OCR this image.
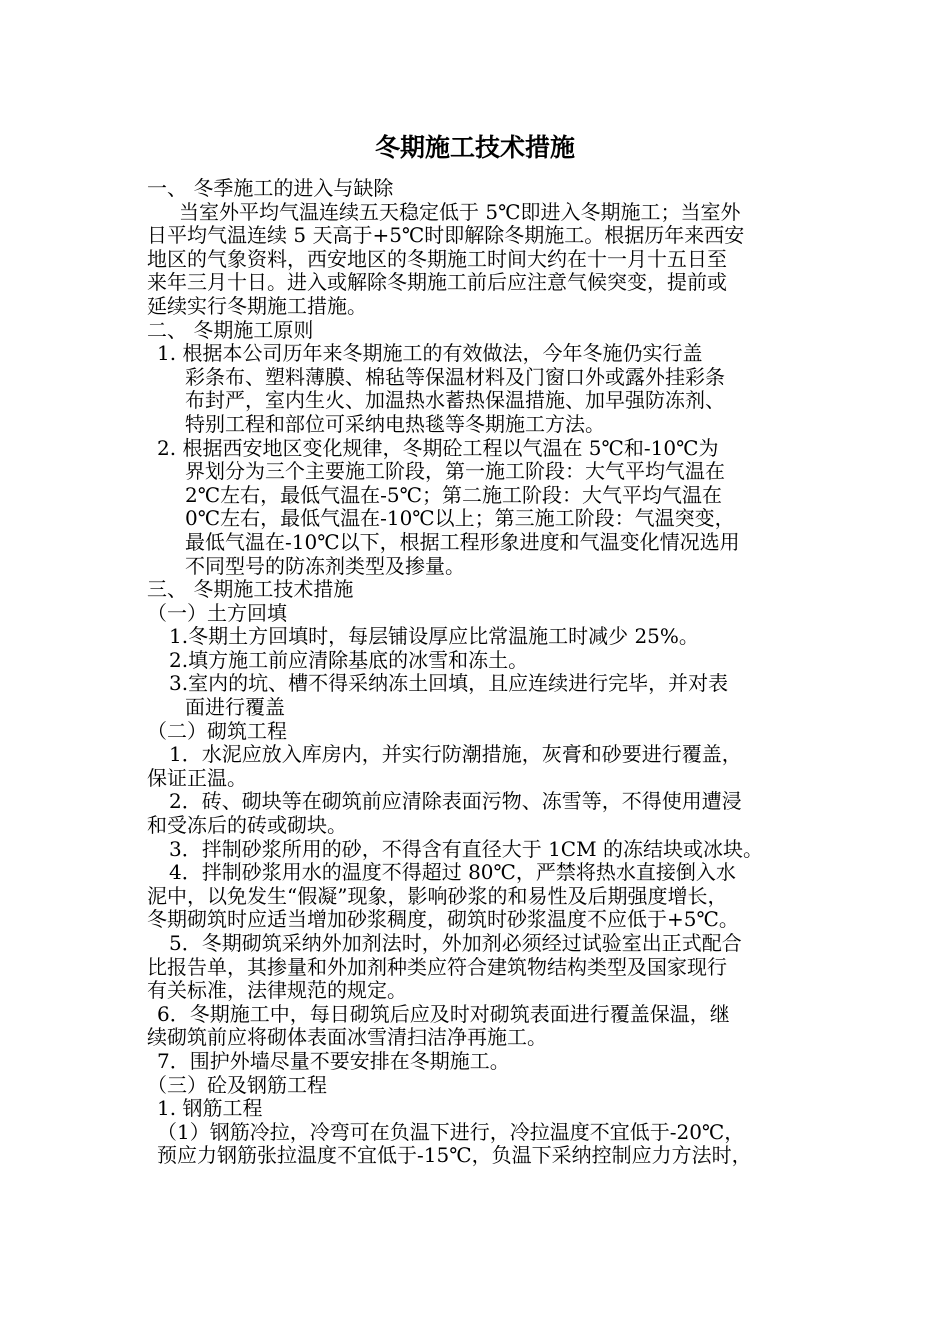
冬期施工技术措施
一、 冬季施工的进入与缺除
当室外平均气温连续五天稳定低于 5℃即进入冬期施工；当室外
日平均气温连续 5 天高于+5℃时即解除冬期施工。根据历年来西安
地区的气象资料，西安地区的冬期施工时间大约在十一月十五日至
来年三月十日。进入或解除冬期施工前后应注意气候突变，提前或
延续实行冬期施工措施。
二、 冬期施工原则
1. 根据本公司历年来冬期施工的有效做法，今年冬施仍实行盖
彩条布、塑料薄膜、棉毡等保温材料及门窗口外或露外挂彩条
布封严，室内生火、加温热水蓄热保温措施、加早强防冻剂、
特别工程和部位可采纳电热毯等冬期施工方法。
2. 根据西安地区变化规律，冬期砼工程以气温在 5℃和-10℃为
界划分为三个主要施工阶段，第一施工阶段：大气平均气温在
2℃左右，最低气温在-5℃；第二施工阶段：大气平均气温在
0℃左右，最低气温在-10℃以上；第三施工阶段：气温突变，
最低气温在-10℃以下，根据工程形象进度和气温变化情况选用
不同型号的防冻剂类型及掺量。
三、 冬期施工技术措施
（一）土方回填
1.冬期土方回填时，每层铺设厚应比常温施工时减少 25%。
2.填方施工前应清除基底的冰雪和冻土。
3.室内的坑、槽不得采纳冻土回填，且应连续进行完毕，并对表
面进行覆盖
（二）砌筑工程
1．水泥应放入库房内，并实行防潮措施，灰膏和砂要进行覆盖，
保证正温。
2．砖、砌块等在砌筑前应清除表面污物、冻雪等，不得使用遭浸
和受冻后的砖或砌块。
3．拌制砂浆所用的砂，不得含有直径大于 1CM 的冻结块或冰块。
4．拌制砂浆用水的温度不得超过 80℃，严禁将热水直接倒入水
泥中，以免发生“假凝”现象，影响砂浆的和易性及后期强度增长，
冬期砌筑时应适当增加砂浆稠度，砌筑时砂浆温度不应低于+5℃。
5．冬期砌筑采纳外加剂法时，外加剂必须经过试验室出正式配合
比报告单，其掺量和外加剂种类应符合建筑物结构类型及国家现行
有关标准，法律规范的规定。
6．冬期施工中，每日砌筑后应及时对砌筑表面进行覆盖保温，继
续砌筑前应将砌体表面冰雪清扫洁净再施工。
7．围护外墙尽量不要安排在冬期施工。
（三）砼及钢筋工程
1. 钢筋工程
（1）钢筋冷拉，冷弯可在负温下进行，冷拉温度不宜低于-20℃，
预应力钢筋张拉温度不宜低于-15℃，负温下采纳控制应力方法时，
